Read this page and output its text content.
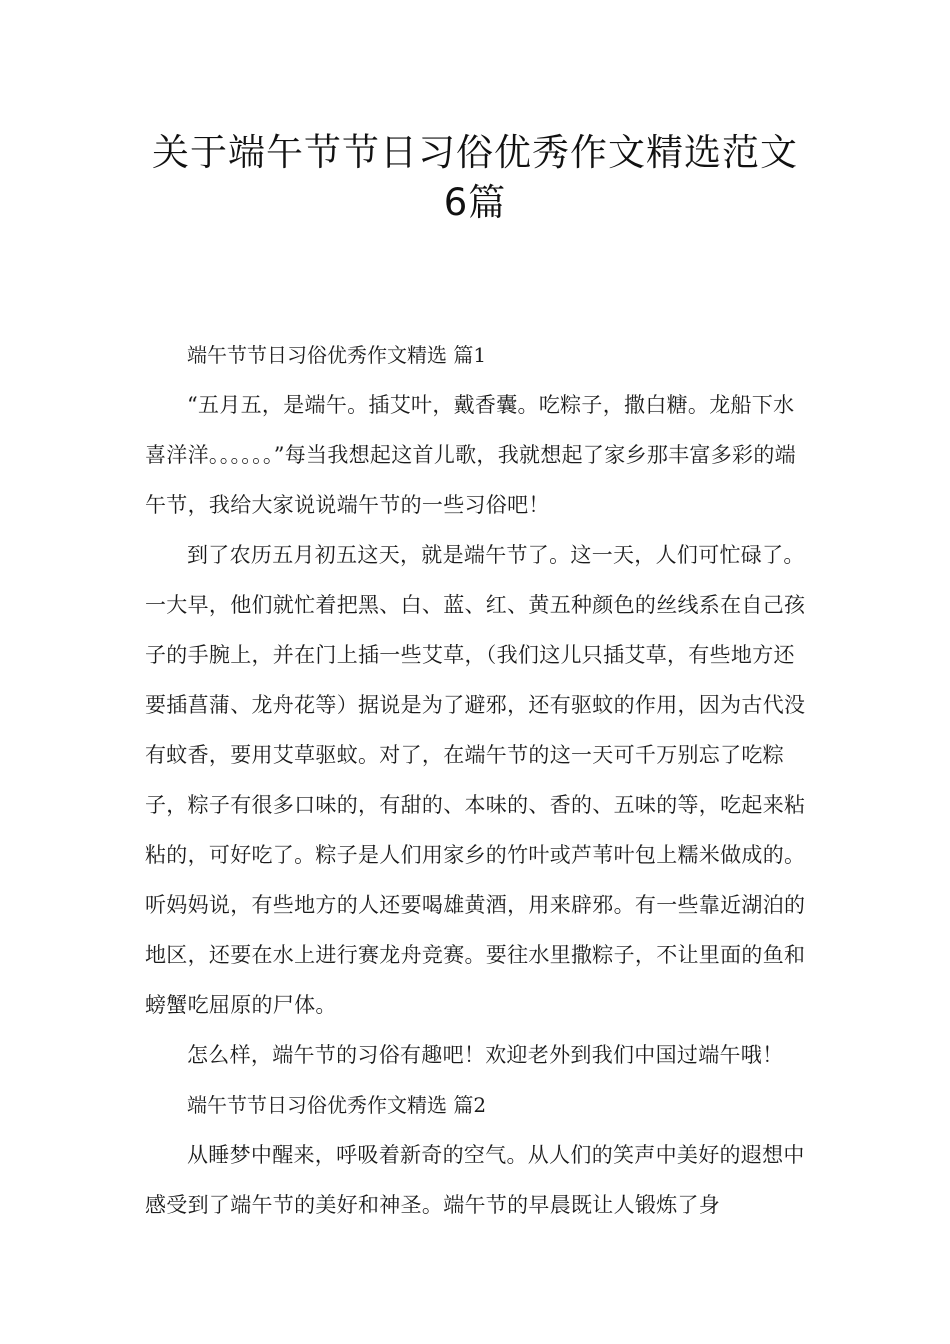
关于端午节节日习俗优秀作文精选范文
6篇

端午节节日习俗优秀作文精选 篇1

“五月五，是端午。插艾叶，戴香囊。吃粽子，撒白糖。龙船下水喜洋洋。。。。。。”每当我想起这首儿歌，我就想起了家乡那丰富多彩的端午节，我给大家说说端午节的一些习俗吧！

到了农历五月初五这天，就是端午节了。这一天，人们可忙碌了。一大早，他们就忙着把黑、白、蓝、红、黄五种颜色的丝线系在自己孩子的手腕上，并在门上插一些艾草，（我们这儿只插艾草，有些地方还要插菖蒲、龙舟花等）据说是为了避邪，还有驱蚊的作用，因为古代没有蚊香，要用艾草驱蚊。对了，在端午节的这一天可千万别忘了吃粽子，粽子有很多口味的，有甜的、本味的、香的、五味的等，吃起来粘粘的，可好吃了。粽子是人们用家乡的竹叶或芦苇叶包上糯米做成的。听妈妈说，有些地方的人还要喝雄黄酒，用来辟邪。有一些靠近湖泊的地区，还要在水上进行赛龙舟竞赛。要往水里撒粽子，不让里面的鱼和螃蟹吃屈原的尸体。

怎么样，端午节的习俗有趣吧！欢迎老外到我们中国过端午哦！

端午节节日习俗优秀作文精选 篇2

从睡梦中醒来，呼吸着新奇的空气。从人们的笑声中美好的遐想中感受到了端午节的美好和神圣。端午节的早晨既让人锻炼了身
